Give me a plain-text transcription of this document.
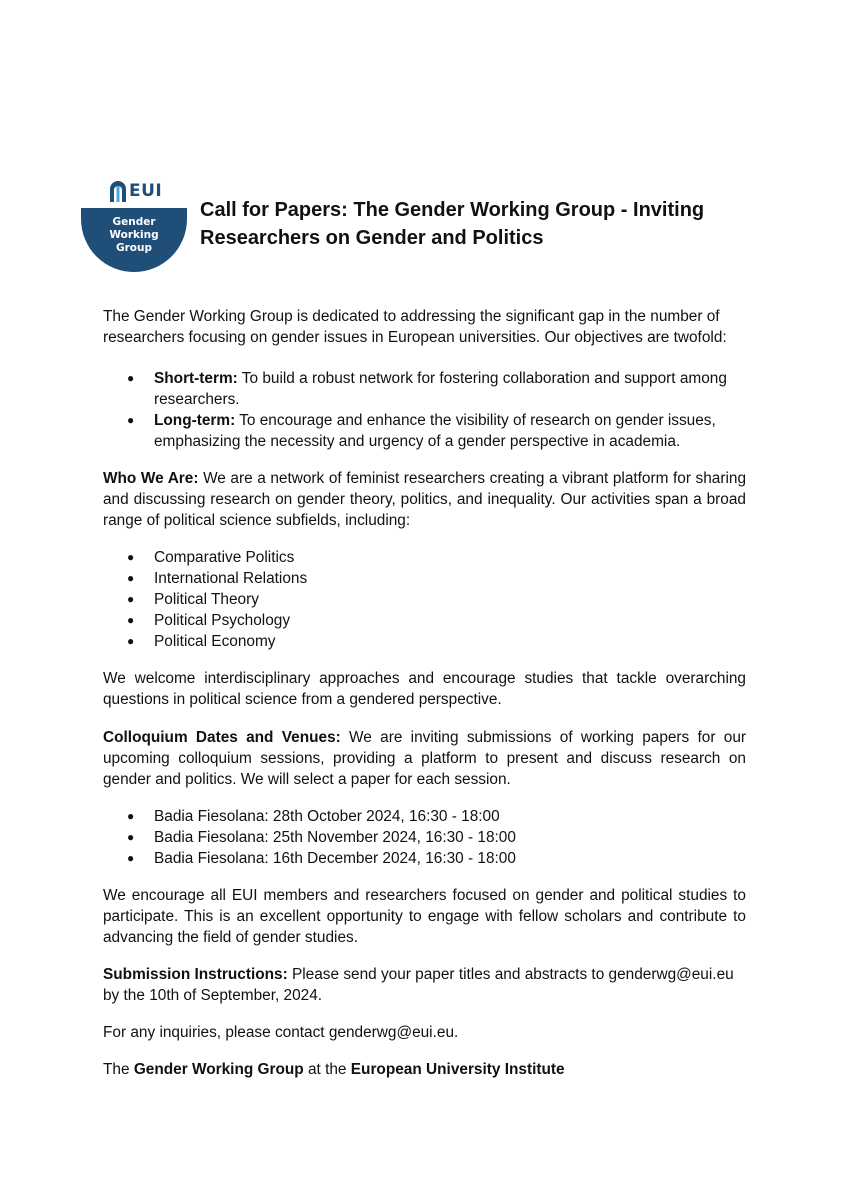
EUI
Gender
Working
Group
Call for Papers: The Gender Working Group - Inviting Researchers on Gender and Politics

The Gender Working Group is dedicated to addressing the significant gap in the number of researchers focusing on gender issues in European universities. Our objectives are twofold:

● Short-term: To build a robust network for fostering collaboration and support among researchers.
● Long-term: To encourage and enhance the visibility of research on gender issues, emphasizing the necessity and urgency of a gender perspective in academia.

Who We Are: We are a network of feminist researchers creating a vibrant platform for sharing and discussing research on gender theory, politics, and inequality. Our activities span a broad range of political science subfields, including:

● Comparative Politics
● International Relations
● Political Theory
● Political Psychology
● Political Economy

We welcome interdisciplinary approaches and encourage studies that tackle overarching questions in political science from a gendered perspective.

Colloquium Dates and Venues: We are inviting submissions of working papers for our upcoming colloquium sessions, providing a platform to present and discuss research on gender and politics. We will select a paper for each session.

● Badia Fiesolana: 28th October 2024, 16:30 - 18:00
● Badia Fiesolana: 25th November 2024, 16:30 - 18:00
● Badia Fiesolana: 16th December 2024, 16:30 - 18:00

We encourage all EUI members and researchers focused on gender and political studies to participate. This is an excellent opportunity to engage with fellow scholars and contribute to advancing the field of gender studies.

Submission Instructions: Please send your paper titles and abstracts to genderwg@eui.eu by the 10th of September, 2024.

For any inquiries, please contact genderwg@eui.eu.

The Gender Working Group at the European University Institute
